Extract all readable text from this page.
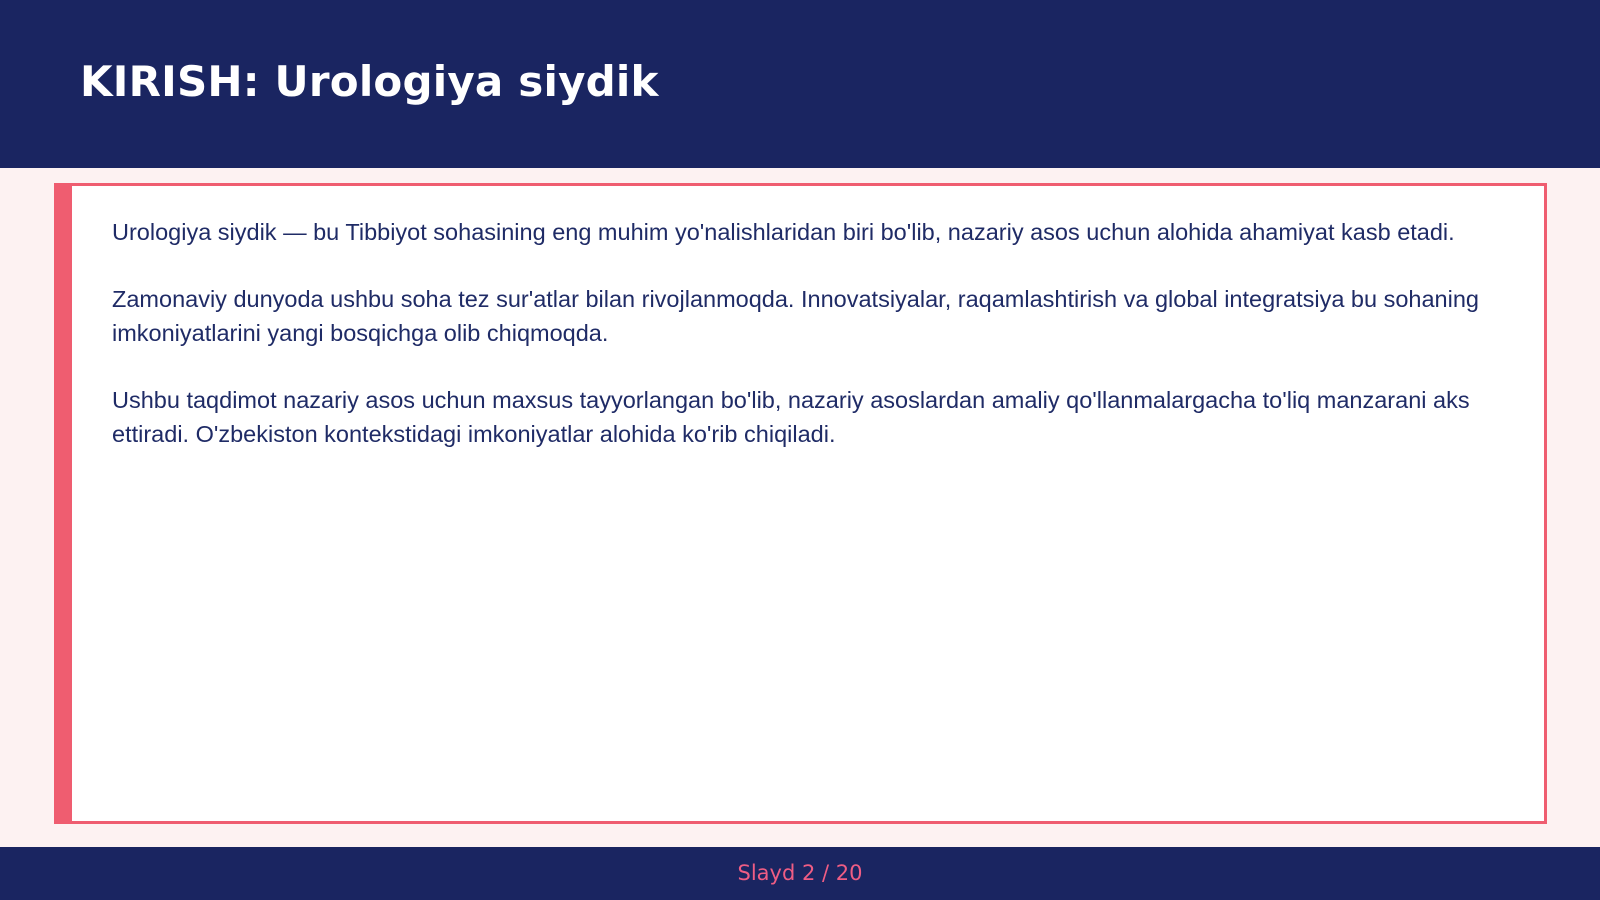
KIRISH: Urologiya siydik

Urologiya siydik — bu Tibbiyot sohasining eng muhim yo'nalishlaridan biri bo'lib, nazariy asos uchun alohida ahamiyat kasb etadi.

Zamonaviy dunyoda ushbu soha tez sur'atlar bilan rivojlanmoqda. Innovatsiyalar, raqamlashtirish va global integratsiya bu sohaning imkoniyatlarini yangi bosqichga olib chiqmoqda.

Ushbu taqdimot nazariy asos uchun maxsus tayyorlangan bo'lib, nazariy asoslardan amaliy qo'llanmalargacha to'liq manzarani aks ettiradi. O'zbekiston kontekstidagi imkoniyatlar alohida ko'rib chiqiladi.

Slayd 2 / 20
